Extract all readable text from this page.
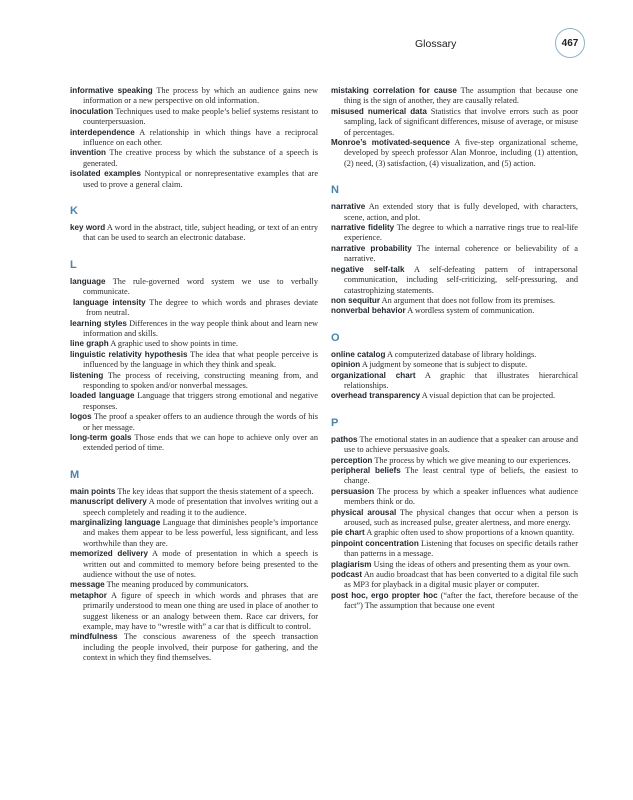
Glossary	467

informative speaking The process by which an audience gains new information or a new perspective on old information.

inoculation Techniques used to make people’s belief systems resistant to counterpersuasion.

interdependence A relationship in which things have a reciprocal influence on each other.

invention The creative process by which the substance of a speech is generated.

isolated examples Nontypical or nonrepresentative examples that are used to prove a general claim.

K

key word A word in the abstract, title, subject heading, or text of an entry that can be used to search an electronic database.

L

language The rule-governed word system we use to verbally communicate.

language intensity The degree to which words and phrases deviate from neutral.

learning styles Differences in the way people think about and learn new information and skills.

line graph A graphic used to show points in time.

linguistic relativity hypothesis The idea that what people perceive is influenced by the language in which they think and speak.

listening The process of receiving, constructing meaning from, and responding to spoken and/or nonverbal messages.

loaded language Language that triggers strong emotional and negative responses.

logos The proof a speaker offers to an audience through the words of his or her message.

long-term goals Those ends that we can hope to achieve only over an extended period of time.

M

main points The key ideas that support the thesis statement of a speech.

manuscript delivery A mode of presentation that involves writing out a speech completely and reading it to the audience.

marginalizing language Language that diminishes people’s importance and makes them appear to be less powerful, less significant, and less worthwhile than they are.

memorized delivery A mode of presentation in which a speech is written out and committed to memory before being presented to the audience without the use of notes.

message The meaning produced by communicators.

metaphor A figure of speech in which words and phrases that are primarily understood to mean one thing are used in place of another to suggest likeness or an analogy between them. Race car drivers, for example, may have to “wrestle with” a car that is difficult to control.

mindfulness The conscious awareness of the speech transaction including the people involved, their purpose for gathering, and the context in which they find themselves.

mistaking correlation for cause The assumption that because one thing is the sign of another, they are causally related.

misused numerical data Statistics that involve errors such as poor sampling, lack of significant differences, misuse of average, or misuse of percentages.

Monroe’s motivated-sequence A five-step organizational scheme, developed by speech professor Alan Monroe, including (1) attention, (2) need, (3) satisfaction, (4) visualization, and (5) action.

N

narrative An extended story that is fully developed, with characters, scene, action, and plot.

narrative fidelity The degree to which a narrative rings true to real-life experience.

narrative probability The internal coherence or believability of a narrative.

negative self-talk A self-defeating pattern of intrapersonal communication, including self-criticizing, self-pressuring, and catastrophizing statements.

non sequitur An argument that does not follow from its premises.

nonverbal behavior A wordless system of communication.

O

online catalog A computerized database of library holdings.

opinion A judgment by someone that is subject to dispute.

organizational chart A graphic that illustrates hierarchical relationships.

overhead transparency A visual depiction that can be projected.

P

pathos The emotional states in an audience that a speaker can arouse and use to achieve persuasive goals.

perception The process by which we give meaning to our experiences.

peripheral beliefs The least central type of beliefs, the easiest to change.

persuasion The process by which a speaker influences what audience members think or do.

physical arousal The physical changes that occur when a person is aroused, such as increased pulse, greater alertness, and more energy.

pie chart A graphic often used to show proportions of a known quantity.

pinpoint concentration Listening that focuses on specific details rather than patterns in a message.

plagiarism Using the ideas of others and presenting them as your own.

podcast An audio broadcast that has been converted to a digital file such as MP3 for playback in a digital music player or computer.

post hoc, ergo propter hoc (“after the fact, therefore because of the fact”) The assumption that because one event
